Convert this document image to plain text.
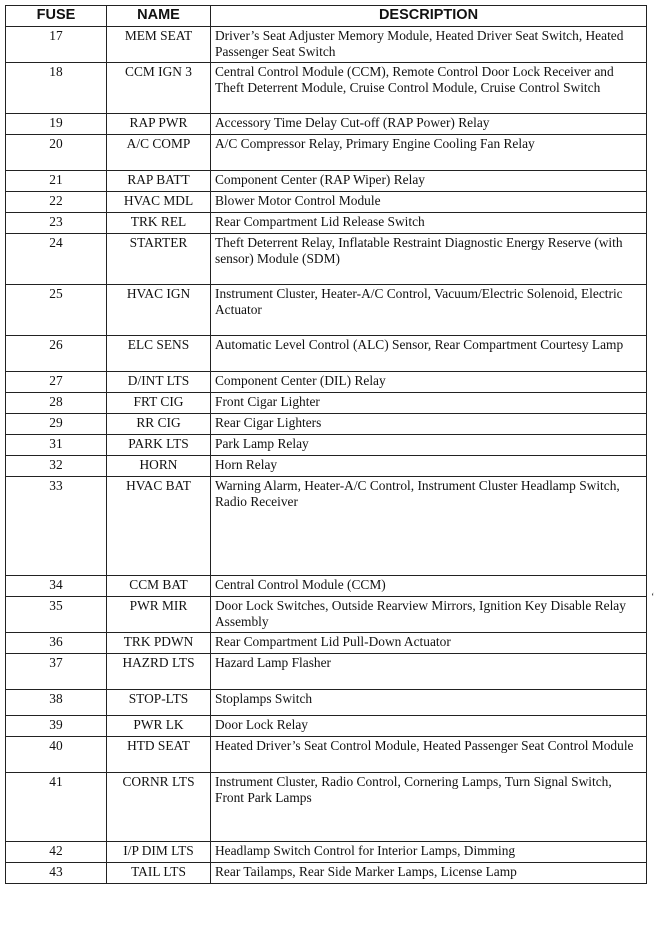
FUSE	NAME	DESCRIPTION
17	MEM SEAT	Driver’s Seat Adjuster Memory Module, Heated Driver Seat Switch, Heated Passenger Seat Switch
18	CCM IGN 3	Central Control Module (CCM), Remote Control Door Lock Receiver and Theft Deterrent Module, Cruise Control Module, Cruise Control Switch
19	RAP PWR	Accessory Time Delay Cut-off (RAP Power) Relay
20	A/C COMP	A/C Compressor Relay, Primary Engine Cooling Fan Relay
21	RAP BATT	Component Center (RAP Wiper) Relay
22	HVAC MDL	Blower Motor Control Module
23	TRK REL	Rear Compartment Lid Release Switch
24	STARTER	Theft Deterrent Relay, Inflatable Restraint Diagnostic Energy Reserve (with sensor) Module (SDM)
25	HVAC IGN	Instrument Cluster, Heater-A/C Control, Vacuum/Electric Solenoid, Electric Actuator
26	ELC SENS	Automatic Level Control (ALC) Sensor, Rear Compartment Courtesy Lamp
27	D/INT LTS	Component Center (DIL) Relay
28	FRT CIG	Front Cigar Lighter
29	RR CIG	Rear Cigar Lighters
31	PARK LTS	Park Lamp Relay
32	HORN	Horn Relay
33	HVAC BAT	Warning Alarm, Heater-A/C Control, Instrument Cluster Headlamp Switch, Radio Receiver
34	CCM BAT	Central Control Module (CCM)
35	PWR MIR	Door Lock Switches, Outside Rearview Mirrors, Ignition Key Disable Relay Assembly
36	TRK PDWN	Rear Compartment Lid Pull-Down Actuator
37	HAZRD LTS	Hazard Lamp Flasher
38	STOP-LTS	Stoplamps Switch
39	PWR LK	Door Lock Relay
40	HTD SEAT	Heated Driver’s Seat Control Module, Heated Passenger Seat Control Module
41	CORNR LTS	Instrument Cluster, Radio Control, Cornering Lamps, Turn Signal Switch, Front Park Lamps
42	I/P DIM LTS	Headlamp Switch Control for Interior Lamps, Dimming
43	TAIL LTS	Rear Tailamps, Rear Side Marker Lamps, License Lamp
‘
